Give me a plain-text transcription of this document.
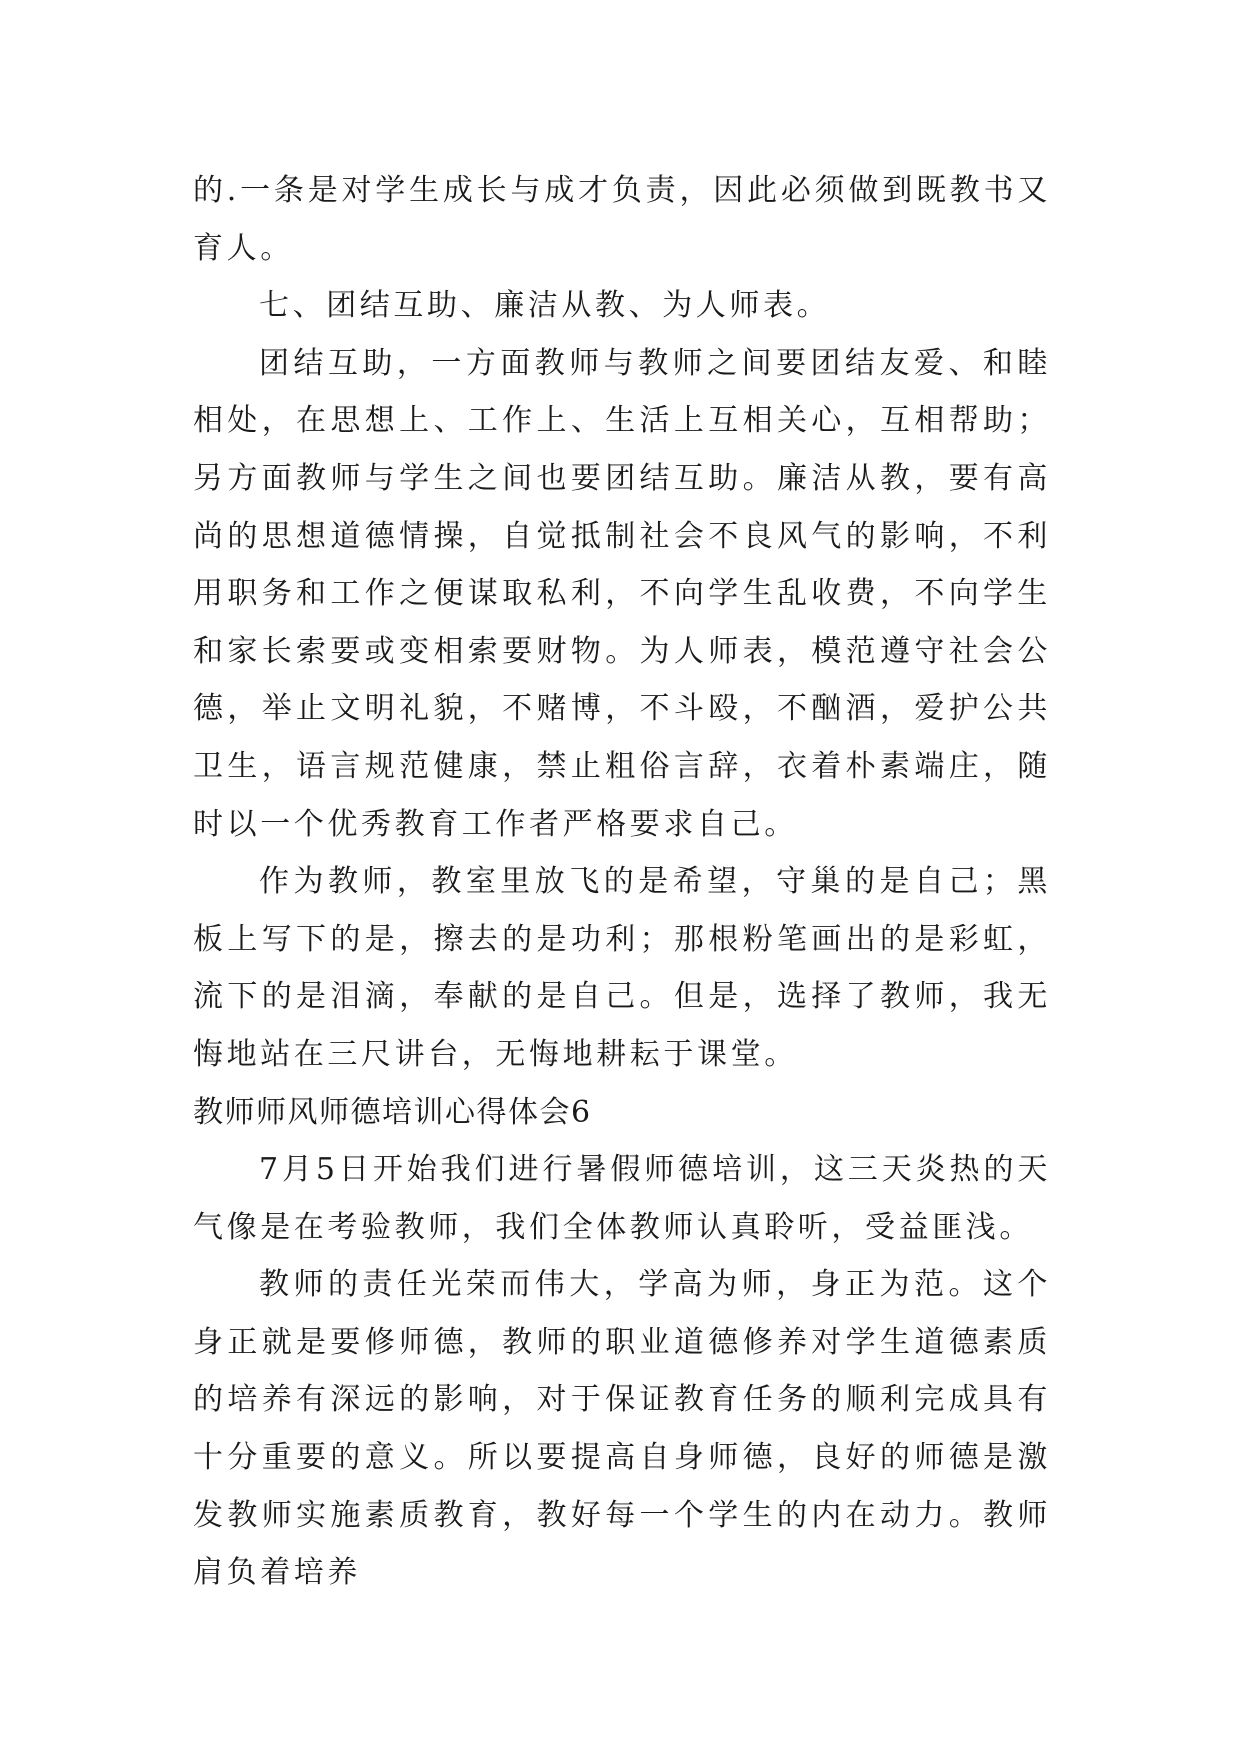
的.一条是对学生成长与成才负责，因此必须做到既教书又育人。

七、团结互助、廉洁从教、为人师表。

团结互助，一方面教师与教师之间要团结友爱、和睦相处，在思想上、工作上、生活上互相关心，互相帮助；另方面教师与学生之间也要团结互助。廉洁从教，要有高尚的思想道德情操，自觉抵制社会不良风气的影响，不利用职务和工作之便谋取私利，不向学生乱收费，不向学生和家长索要或变相索要财物。为人师表，模范遵守社会公德，举止文明礼貌，不赌博，不斗殴，不酗酒，爱护公共卫生，语言规范健康，禁止粗俗言辞，衣着朴素端庄，随时以一个优秀教育工作者严格要求自己。

作为教师，教室里放飞的是希望，守巢的是自己；黑板上写下的是，擦去的是功利；那根粉笔画出的是彩虹，流下的是泪滴，奉献的是自己。但是，选择了教师，我无悔地站在三尺讲台，无悔地耕耘于课堂。

教师师风师德培训心得体会6

7月5日开始我们进行暑假师德培训，这三天炎热的天气像是在考验教师，我们全体教师认真聆听，受益匪浅。

教师的责任光荣而伟大，学高为师，身正为范。这个身正就是要修师德，教师的职业道德修养对学生道德素质的培养有深远的影响，对于保证教育任务的顺利完成具有十分重要的意义。所以要提高自身师德，良好的师德是激发教师实施素质教育，教好每一个学生的内在动力。教师肩负着培养
